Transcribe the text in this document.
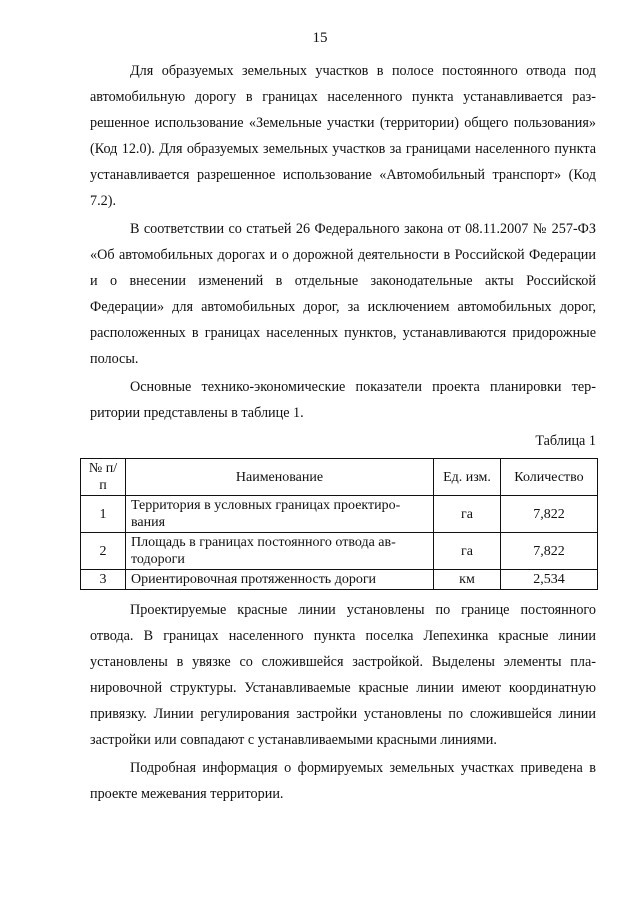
15

Для образуемых земельных участков в полосе постоянного отвода под автомобильную дорогу в границах населенного пункта устанавливается разрешенное использование «Земельные участки (территории) общего пользования» (Код 12.0). Для образуемых земельных участков за границами населенного пункта устанавливается разрешенное использование «Автомобильный транспорт» (Код 7.2).

В соответствии со статьей 26 Федерального закона от 08.11.2007 № 257-ФЗ «Об автомобильных дорогах и о дорожной деятельности в Российской Федерации и о внесении изменений в отдельные законодательные акты Российской Федерации» для автомобильных дорог, за исключением автомобильных дорог, расположенных в границах населенных пунктов, устанавливаются придорожные полосы.

Основные технико-экономические показатели проекта планировки территории представлены в таблице 1.

Таблица 1

№ п/п	Наименование	Ед. изм.	Количество
1	Территория в условных границах проектирования	га	7,822
2	Площадь в границах постоянного отвода автодороги	га	7,822
3	Ориентировочная протяженность дороги	км	2,534

Проектируемые красные линии установлены по границе постоянного отвода. В границах населенного пункта поселка Лепехинка красные линии установлены в увязке со сложившейся застройкой. Выделены элементы планировочной структуры. Устанавливаемые красные линии имеют координатную привязку. Линии регулирования застройки установлены по сложившейся линии застройки или совпадают с устанавливаемыми красными линиями.

Подробная информация о формируемых земельных участках приведена в проекте межевания территории.
